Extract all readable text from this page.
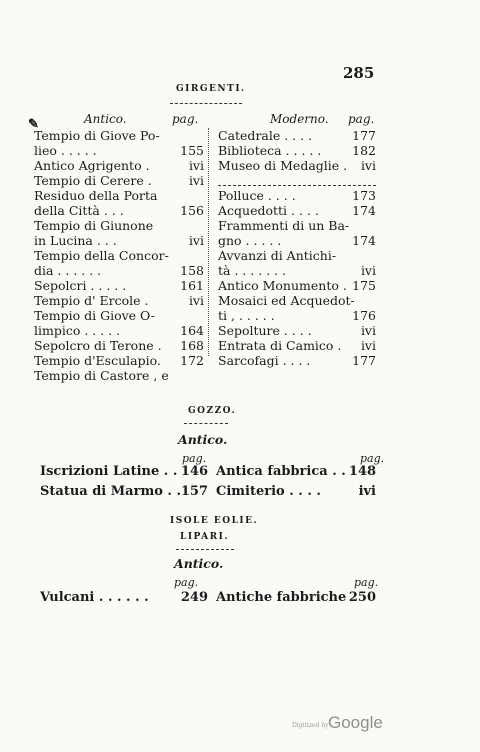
285
GIRGENTI.
✎	Antico.	pag.	Moderno. pag.
Tempio di Giove Po-
lieo . . . . .	155
Antico Agrigento .	ivi
Tempio di Cerere .	ivi
Residuo della Porta
della Città . . .	156
Tempio di Giunone
in Lucina . . .	ivi
Tempio della Concor-
dia . . . . . .	158
Sepolcri . . . . .	161
Tempio d' Ercole .	ivi
Tempio di Giove O-
limpico . . . . .	164
Sepolcro di Terone . 168
Tempio d'Esculapio. 172
Tempio di Castore , e
Catedrale . . . .	177
Biblioteca . . . . . 182
Museo di Medaglie . ivi
Polluce . . . .	173
Acquedotti . . . .	174
Frammenti di un Ba-
gno . . . . .	174
Avvanzi di Antichi-
tà . . . . . . .	ivi
Antico Monumento . 175
Mosaici ed Acquedot-
ti , . . . . .	176
Sepolture . . . .	ivi
Entrata di Camico . ivi
Sarcofagi . . . .	177
GOZZO.
Antico.
pag.	pag.
Iscrizioni Latine . . 146 Antica fabbrica . . 148
Statua di Marmo . . 157 Cimiterio . . . .	ivi
ISOLE EOLIE.
LIPARI.
Antico.
pag.	pag.
Vulcani . . . . . . 249 Antiche fabbriche 250
Digitized by Google
